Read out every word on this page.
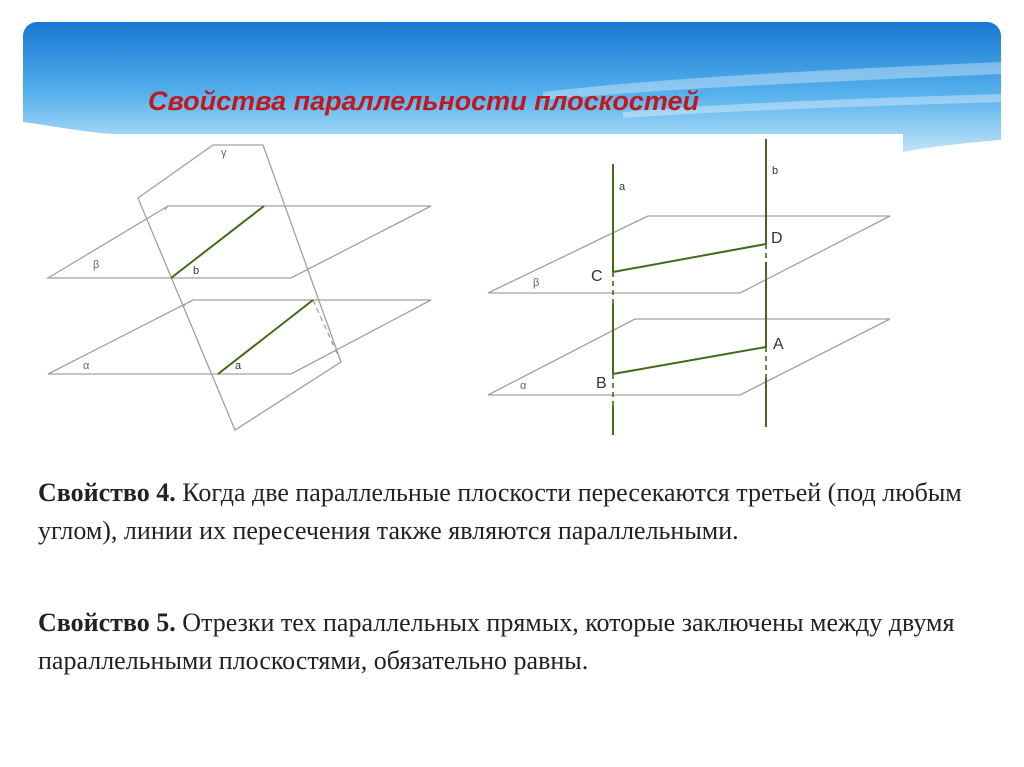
Свойства параллельности плоскостей
β
α
γ
b
a
a
b
β
α
C
D
B
A

Свойство 4. Когда две параллельные плоскости пересекаются третьей (под любым углом), линии их пересечения также являются параллельными.

Свойство 5. Отрезки тех параллельных прямых, которые заключены между двумя параллельными плоскостями, обязательно равны.
